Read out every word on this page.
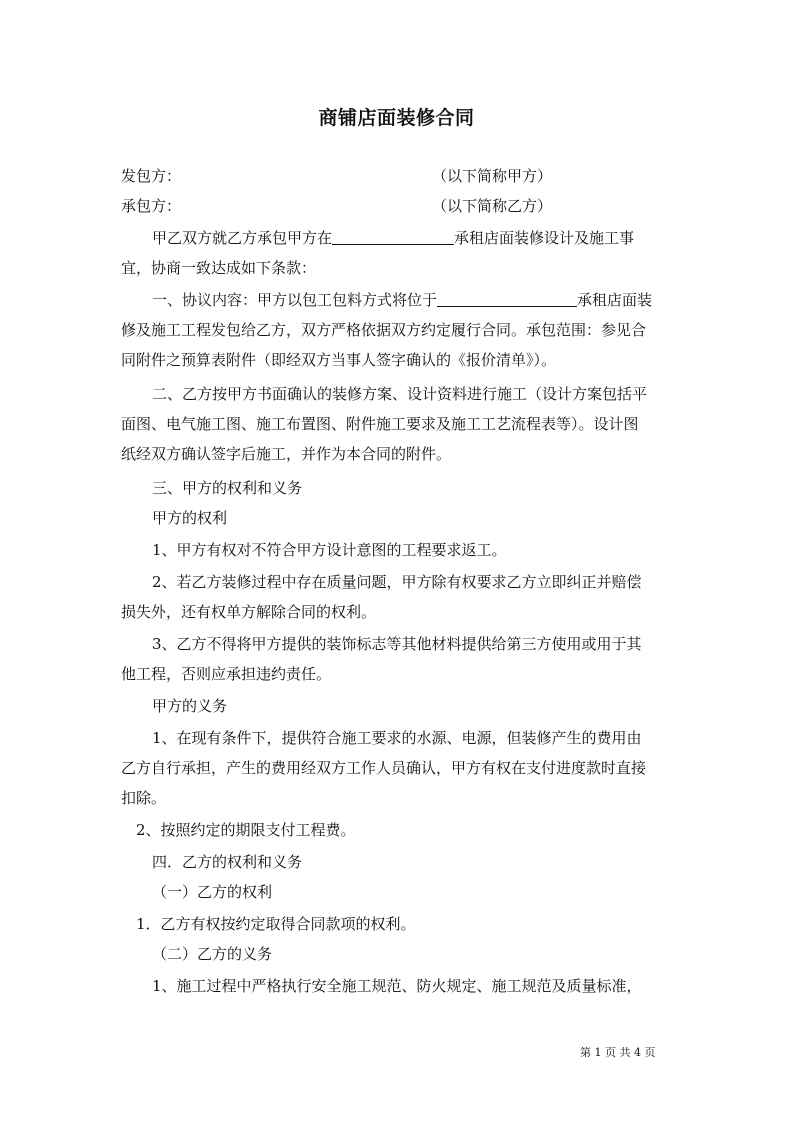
商铺店面装修合同
发包方：	（以下简称甲方）
承包方：	（以下简称乙方）
甲乙双方就乙方承包甲方在	承租店面装修设计及施工事
宜，协商一致达成如下条款：
一、协议内容：甲方以包工包料方式将位于	承租店面装
修及施工工程发包给乙方，双方严格依据双方约定履行合同。承包范围：参见合
同附件之预算表附件（即经双方当事人签字确认的《报价清单》）。
二、乙方按甲方书面确认的装修方案、设计资料进行施工（设计方案包括平
面图、电气施工图、施工布置图、附件施工要求及施工工艺流程表等）。设计图
纸经双方确认签字后施工，并作为本合同的附件。
三、甲方的权利和义务
甲方的权利
1、甲方有权对不符合甲方设计意图的工程要求返工。
2、若乙方装修过程中存在质量问题，甲方除有权要求乙方立即纠正并赔偿
损失外，还有权单方解除合同的权利。
3、乙方不得将甲方提供的装饰标志等其他材料提供给第三方使用或用于其
他工程，否则应承担违约责任。
甲方的义务
1、在现有条件下，提供符合施工要求的水源、电源，但装修产生的费用由
乙方自行承担，产生的费用经双方工作人员确认，甲方有权在支付进度款时直接
扣除。
2、按照约定的期限支付工程费。
四．乙方的权利和义务
（一）乙方的权利
1．乙方有权按约定取得合同款项的权利。
（二）乙方的义务
1、施工过程中严格执行安全施工规范、防火规定、施工规范及质量标准，
第 1 页 共 4 页
